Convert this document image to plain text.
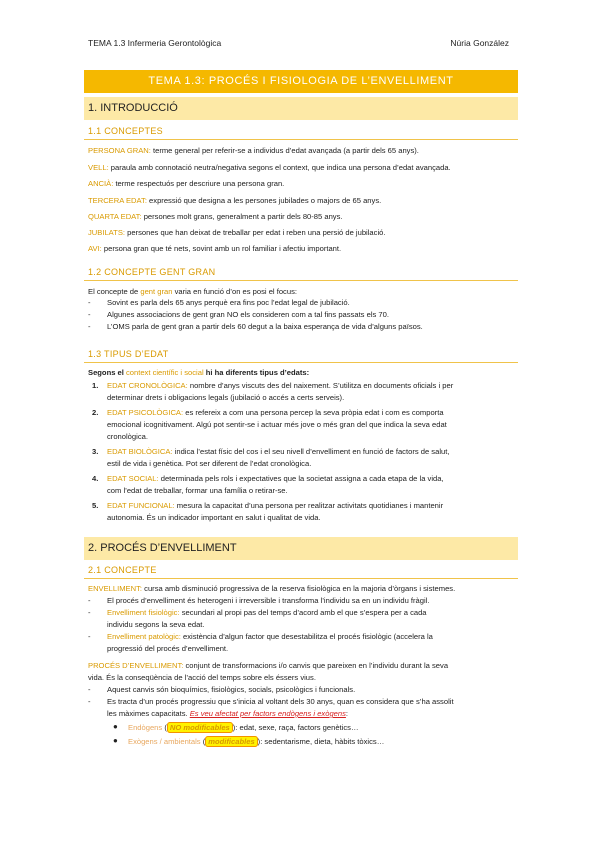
TEMA 1.3 Infermeria Gerontològica	Núria González
TEMA 1.3: PROCÉS I FISIOLOGIA DE L’ENVELLIMENT
1. INTRODUCCIÓ
1.1 CONCEPTES
PERSONA GRAN: terme general per referir-se a individus d’edat avançada (a partir dels 65 anys).
VELL: paraula amb connotació neutra/negativa segons el context, que indica una persona d’edat avançada.
ANCIÀ: terme respectuós per descriure una persona gran.
TERCERA EDAT: expressió que designa a les persones jubilades o majors de 65 anys.
QUARTA EDAT: persones molt grans, generalment a partir dels 80-85 anys.
JUBILATS: persones que han deixat de treballar per edat i reben una persió de jubilació.
AVI: persona gran que té nets, sovint amb un rol familiar i afectiu important.
1.2 CONCEPTE GENT GRAN
El concepte de gent gran varia en funció d’on es posi el focus:
- Sovint es parla dels 65 anys perquè era fins poc l’edat legal de jubilació.
- Algunes associacions de gent gran NO els consideren com a tal fins passats els 70.
- L’OMS parla de gent gran a partir dels 60 degut a la baixa esperança de vida d’alguns països.
1.3 TIPUS D’EDAT
Segons el context científic i social hi ha diferents tipus d’edats:
1. EDAT CRONOLÒGICA: nombre d’anys viscuts des del naixement. S’utilitza en documents oficials i per
determinar drets i obligacions legals (jubilació o accés a certs serveis).
2. EDAT PSICOLÒGICA: es refereix a com una persona percep la seva pròpia edat i com es comporta
emocional icognitivament. Algú pot sentir-se i actuar més jove o més gran del que indica la seva edat
cronològica.
3. EDAT BIOLÒGICA: indica l’estat físic del cos i el seu nivell d’envelliment en funció de factors de salut,
estil de vida i genètica. Pot ser diferent de l’edat cronològica.
4. EDAT SOCIAL: determinada pels rols i expectatives que la societat assigna a cada etapa de la vida,
com l’edat de treballar, formar una família o retirar-se.
5. EDAT FUNCIONAL: mesura la capacitat d’una persona per realitzar activitats quotidianes i mantenir
autonomia. És un indicador important en salut i qualitat de vida.
2. PROCÉS D’ENVELLIMENT
2.1 CONCEPTE
ENVELLIMENT: cursa amb disminució progressiva de la reserva fisiològica en la majoria d’òrgans i sistemes.
- El procés d’envelliment és heterogeni i irreversible i transforma l’individu sa en un individu fràgil.
- Envelliment fisiològic: secundari al propi pas del temps d’acord amb el que s’espera per a cada
individu segons la seva edat.
- Envelliment patològic: existència d’algun factor que desestabilitza el procés fisiològic (accelera la
progressió del procés d’envelliment.
PROCÉS D’ENVELLIMENT: conjunt de transformacions i/o canvis que pareixen en l’individu durant la seva
vida. És la conseqüència de l’acció del temps sobre els éssers vius.
- Aquest canvis són bioquímics, fisiològics, socials, psicològics i funcionals.
- Es tracta d’un procés progressiu que s’inicia al voltant dels 30 anys, quan es considera que s’ha assolit
les màximes capacitats. Es veu afectat per factors endògens i exògens:
● Endògens ( NO modificables ): edat, sexe, raça, factors genètics…
● Exògens / ambientals ( modificables ): sedentarisme, dieta, hàbits tòxics…
